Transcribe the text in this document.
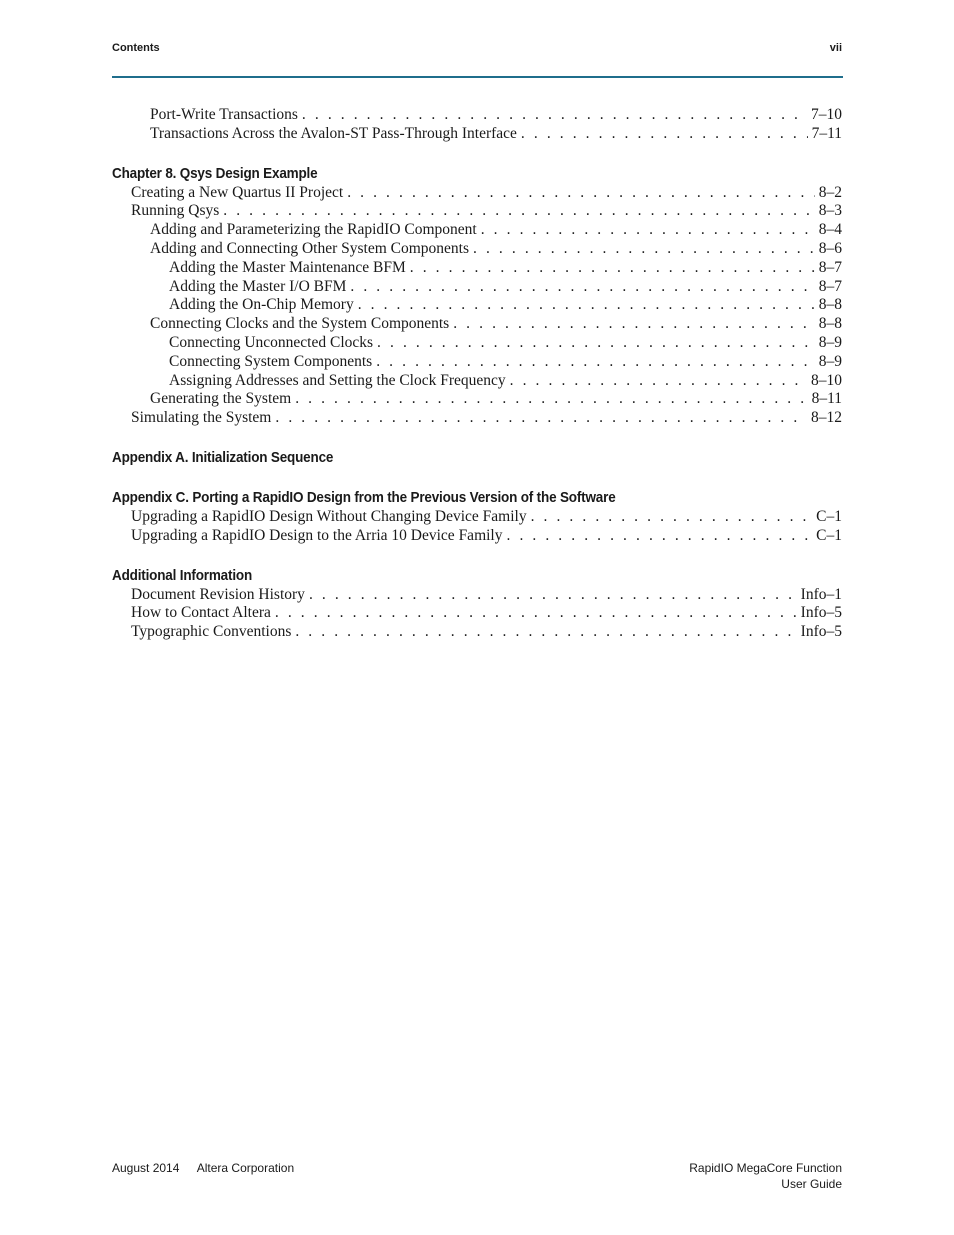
Contents	vii
Port-Write Transactions . . .	7–10
Transactions Across the Avalon-ST Pass-Through Interface . . .	7–11
Chapter 8. Qsys Design Example
Creating a New Quartus II Project . . .	8–2
Running Qsys . . .	8–3
Adding and Parameterizing the RapidIO Component . . .	8–4
Adding and Connecting Other System Components . . .	8–6
Adding the Master Maintenance BFM . . .	8–7
Adding the Master I/O BFM . . .	8–7
Adding the On-Chip Memory . . .	8–8
Connecting Clocks and the System Components . . .	8–8
Connecting Unconnected Clocks . . .	8–9
Connecting System Components . . .	8–9
Assigning Addresses and Setting the Clock Frequency . . .	8–10
Generating the System . . .	8–11
Simulating the System . . .	8–12
Appendix A. Initialization Sequence
Appendix C. Porting a RapidIO Design from the Previous Version of the Software
Upgrading a RapidIO Design Without Changing Device Family . . .	C–1
Upgrading a RapidIO Design to the Arria 10 Device Family . . .	C–1
Additional Information
Document Revision History . . .	Info–1
How to Contact Altera . . .	Info–5
Typographic Conventions . . .	Info–5
August 2014 Altera Corporation	RapidIO MegaCore Function
User Guide
